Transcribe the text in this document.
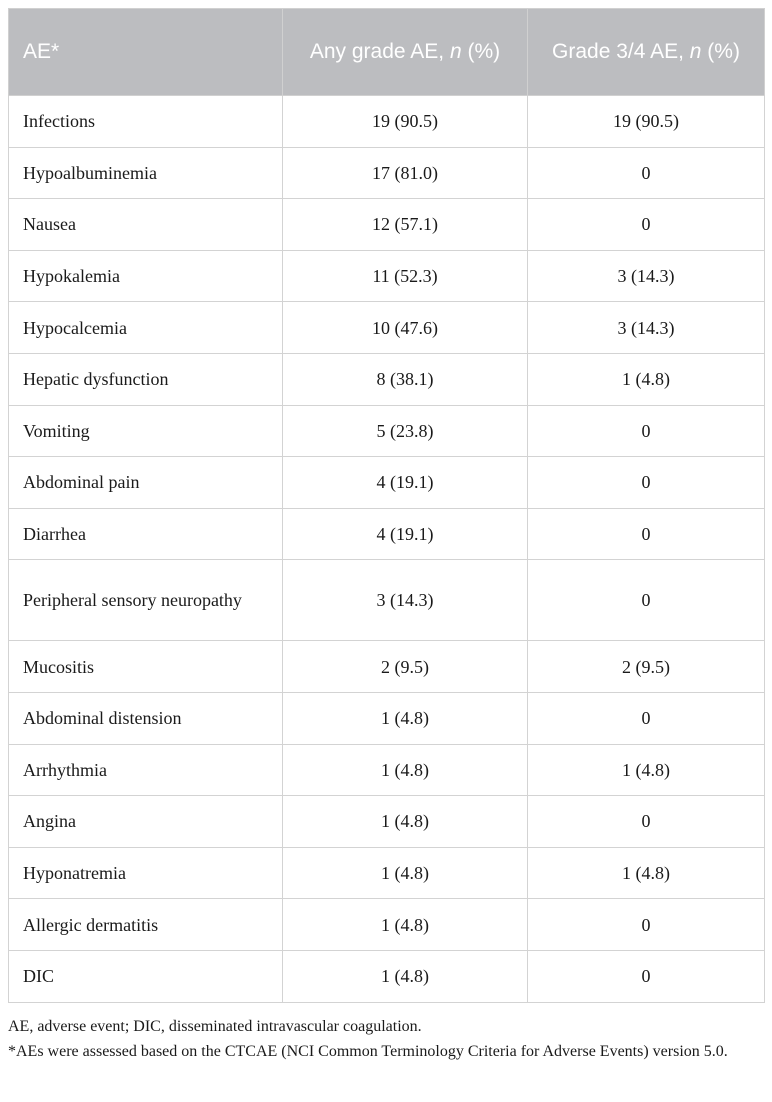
AE*	Any grade AE, n (%)	Grade 3/4 AE, n (%)
Infections	19 (90.5)	19 (90.5)
Hypoalbuminemia	17 (81.0)	0
Nausea	12 (57.1)	0
Hypokalemia	11 (52.3)	3 (14.3)
Hypocalcemia	10 (47.6)	3 (14.3)
Hepatic dysfunction	8 (38.1)	1 (4.8)
Vomiting	5 (23.8)	0
Abdominal pain	4 (19.1)	0
Diarrhea	4 (19.1)	0
Peripheral sensory neuropathy	3 (14.3)	0
Mucositis	2 (9.5)	2 (9.5)
Abdominal distension	1 (4.8)	0
Arrhythmia	1 (4.8)	1 (4.8)
Angina	1 (4.8)	0
Hyponatremia	1 (4.8)	1 (4.8)
Allergic dermatitis	1 (4.8)	0
DIC	1 (4.8)	0

AE, adverse event; DIC, disseminated intravascular coagulation.

*AEs were assessed based on the CTCAE (NCI Common Terminology Criteria for Adverse Events) version 5.0.
